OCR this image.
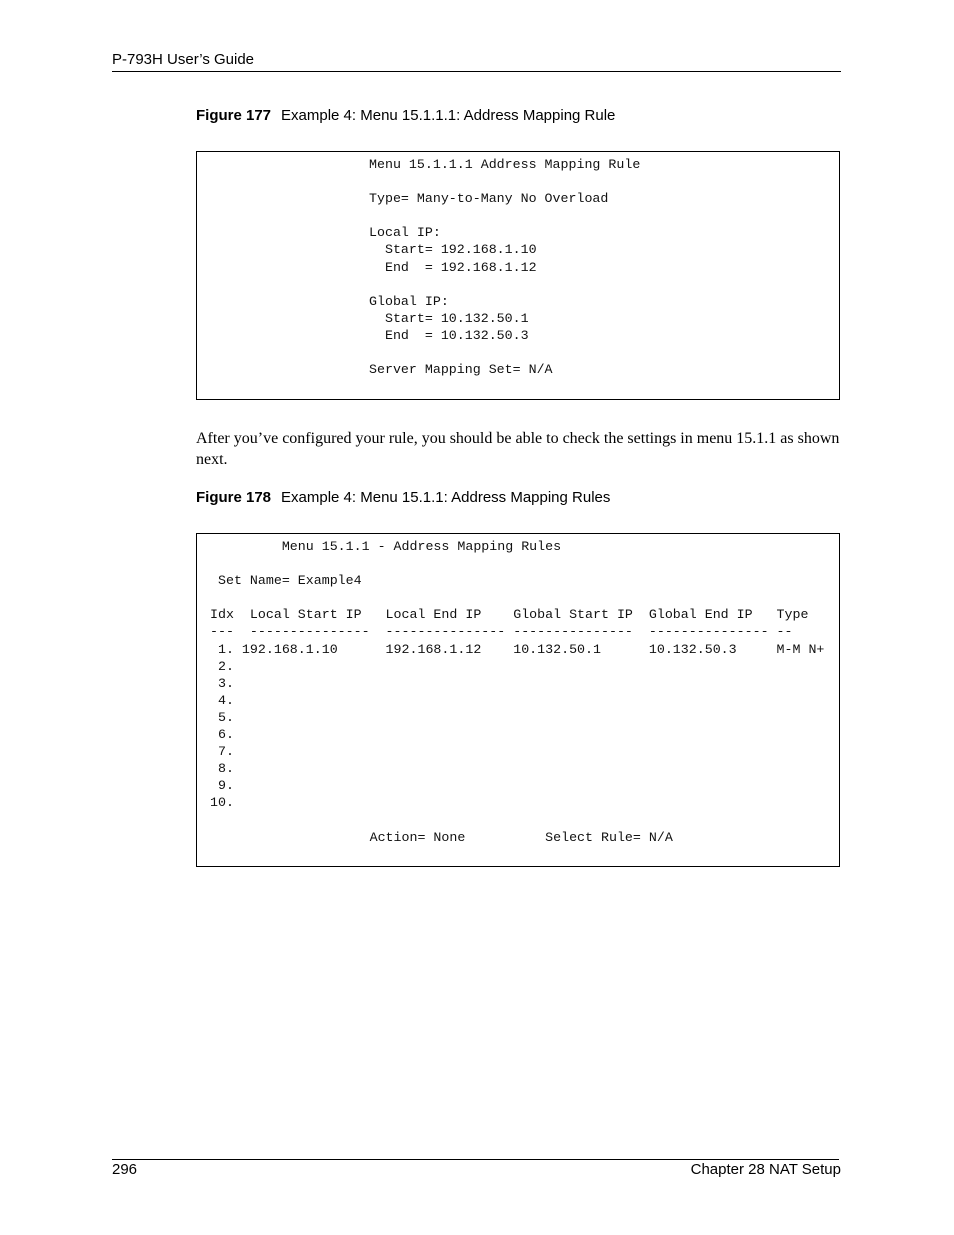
P-793H User’s Guide
Figure 177 Example 4: Menu 15.1.1.1: Address Mapping Rule
Menu 15.1.1.1 Address Mapping Rule

Type= Many-to-Many No Overload

Local IP:
Start= 192.168.1.10
End  = 192.168.1.12

Global IP:
Start= 10.132.50.1
End  = 10.132.50.3

Server Mapping Set= N/A
After you’ve configured your rule, you should be able to check the settings in menu 15.1.1 as shown next.
Figure 178 Example 4: Menu 15.1.1: Address Mapping Rules
Menu 15.1.1 - Address Mapping Rules

Set Name= Example4

Idx  Local Start IP   Local End IP    Global Start IP  Global End IP   Type
---  ---------------  --------------- ---------------  --------------- --
1. 192.168.1.10      192.168.1.12    10.132.50.1      10.132.50.3     M-M N+
2.
3.
4.
5.
6.
7.
8.
9.
10.

Action= None          Select Rule= N/A
296	Chapter 28 NAT Setup
